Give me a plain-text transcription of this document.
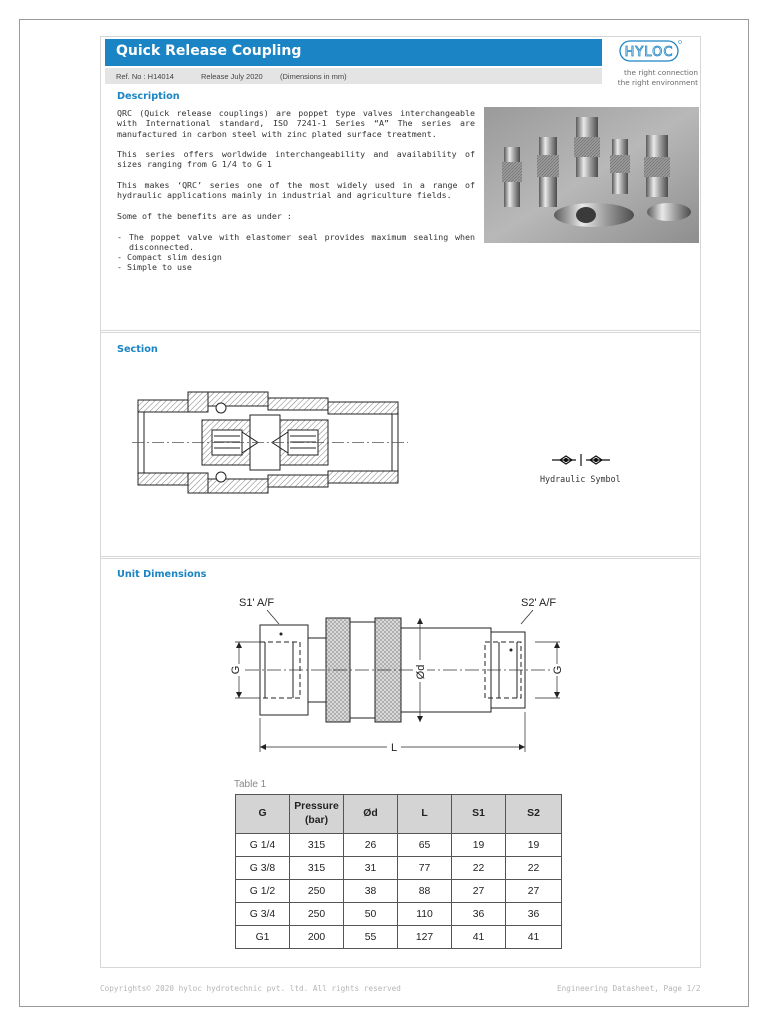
Quick Release Coupling
Ref. No : H14014	Release July 2020 (Dimensions in mm)
HYLOC
the right connection
the right environment
Description

QRC (Quick release couplings) are poppet type valves interchangeable with International standard, ISO 7241-1 Series “A” The series are manufactured in carbon steel with zinc plated surface treatment.

This series offers worldwide interchangeability and availability of sizes ranging from G 1/4 to G 1

This makes ‘QRC’ series one of the most widely used in a range of hydraulic applications mainly in industrial and agriculture fields.

Some of the benefits are as under :

- The poppet valve with elastomer seal provides maximum sealing when disconnected.

- Compact slim design

- Simple to use

Section
Hydraulic Symbol
Unit Dimensions
S1' A/F	S2' A/F
G	G
Ød
L
Table 1
G	Pressure (bar)	Ød	L	S1	S2
G 1/4	315	26	65	19	19
G 3/8	315	31	77	22	22
G 1/2	250	38	88	27	27
G 3/4	250	50	110	36	36
G1	200	55	127	41	41
Copyrights© 2020 hyloc hydrotechnic pvt. ltd. All rights reserved	Engineering Datasheet, Page 1/2
